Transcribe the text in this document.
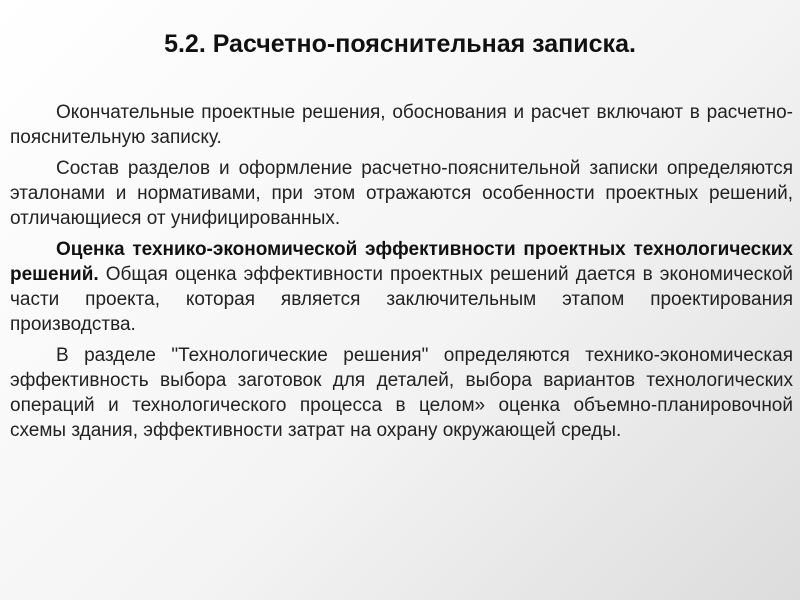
5.2. Расчетно-пояснительная записка.

Окончательные проектные решения, обоснования и расчет включают в расчетно-пояснительную записку.

Состав разделов и оформление расчетно-пояснительной записки определяются эталонами и нормативами, при этом отражаются особенности проектных решений, отличающиеся от унифицированных.

Оценка технико-экономической эффективности проектных технологических решений. Общая оценка эффективности проектных решений дается в экономической части проекта, которая является заключительным этапом проектирования производства.

В разделе "Технологические решения" определяются технико-экономическая эффективность выбора заготовок для деталей, выбора вариантов технологических операций и технологического процесса в целом» оценка объемно-планировочной схемы здания, эффективности затрат на охрану окружающей среды.
